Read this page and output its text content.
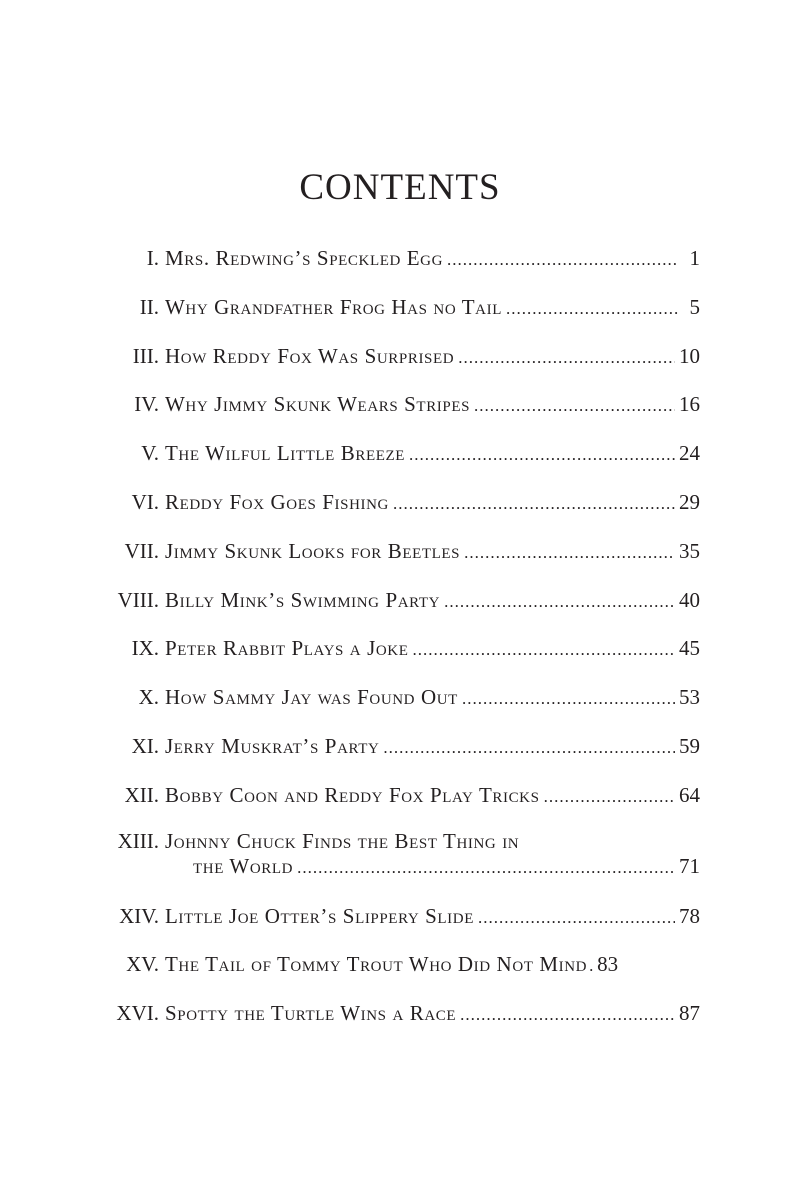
CONTENTS
I. Mrs. Redwing’s Speckled Egg .....	1
II. Why Grandfather Frog Has no Tail .....	5
III. How Reddy Fox Was Surprised .....	10
IV. Why Jimmy Skunk Wears Stripes .....	16
V. The Wilful Little Breeze .....	24
VI. Reddy Fox Goes Fishing .....	29
VII. Jimmy Skunk Looks for Beetles .....	35
VIII. Billy Mink’s Swimming Party .....	40
IX. Peter Rabbit Plays a Joke .....	45
X. How Sammy Jay was Found Out .....	53
XI. Jerry Muskrat’s Party .....	59
XII. Bobby Coon and Reddy Fox Play Tricks .....	64
XIII. Johnny Chuck Finds the Best Thing in
the World .....	71
XIV. Little Joe Otter’s Slippery Slide .....	78
XV. The Tail of Tommy Trout Who Did Not Mind ..... 83
XVI. Spotty the Turtle Wins a Race .....	87
